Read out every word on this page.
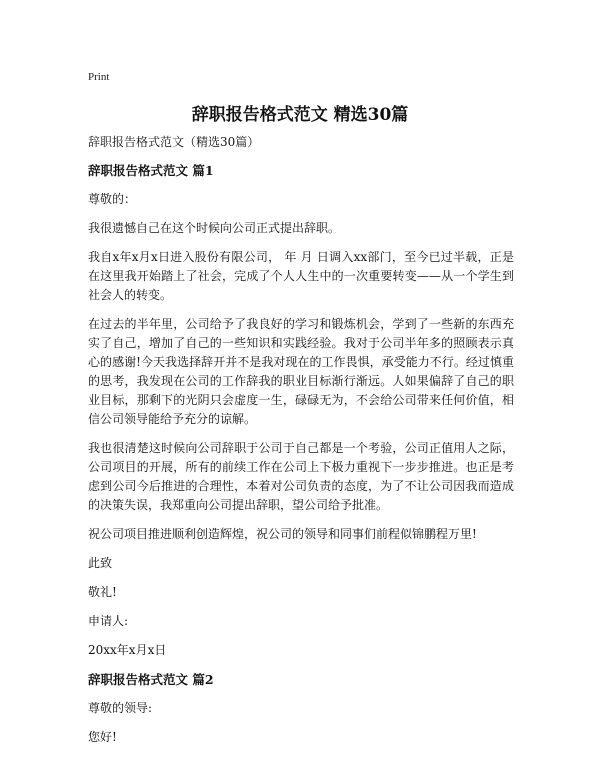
Print
辞职报告格式范文 精选30篇

辞职报告格式范文（精选30篇）

辞职报告格式范文 篇1

尊敬的：

我很遗憾自己在这个时候向公司正式提出辞职。

我自x年x月x日进入股份有限公司， 年 月 日调入xx部门，至今已过半载，正是在这里我开始踏上了社会，完成了个人人生中的一次重要转变——从一个学生到社会人的转变。

在过去的半年里，公司给予了我良好的学习和锻炼机会，学到了一些新的东西充实了自己，增加了自己的一些知识和实践经验。我对于公司半年多的照顾表示真心的感谢!今天我选择辞开并不是我对现在的工作畏惧，承受能力不行。经过慎重的思考，我发现在公司的工作辞我的职业目标渐行渐远。人如果偏辞了自己的职业目标，那剩下的光阴只会虚度一生，碌碌无为，不会给公司带来任何价值，相信公司领导能给予充分的谅解。

我也很清楚这时候向公司辞职于公司于自己都是一个考验，公司正值用人之际，公司项目的开展，所有的前续工作在公司上下极力重视下一步步推进。也正是考虑到公司今后推进的合理性，本着对公司负责的态度，为了不让公司因我而造成的决策失误，我郑重向公司提出辞职，望公司给予批准。

祝公司项目推进顺利创造辉煌，祝公司的领导和同事们前程似锦鹏程万里!

此致

敬礼!

申请人:

20xx年x月x日

辞职报告格式范文 篇2

尊敬的领导:

您好!
